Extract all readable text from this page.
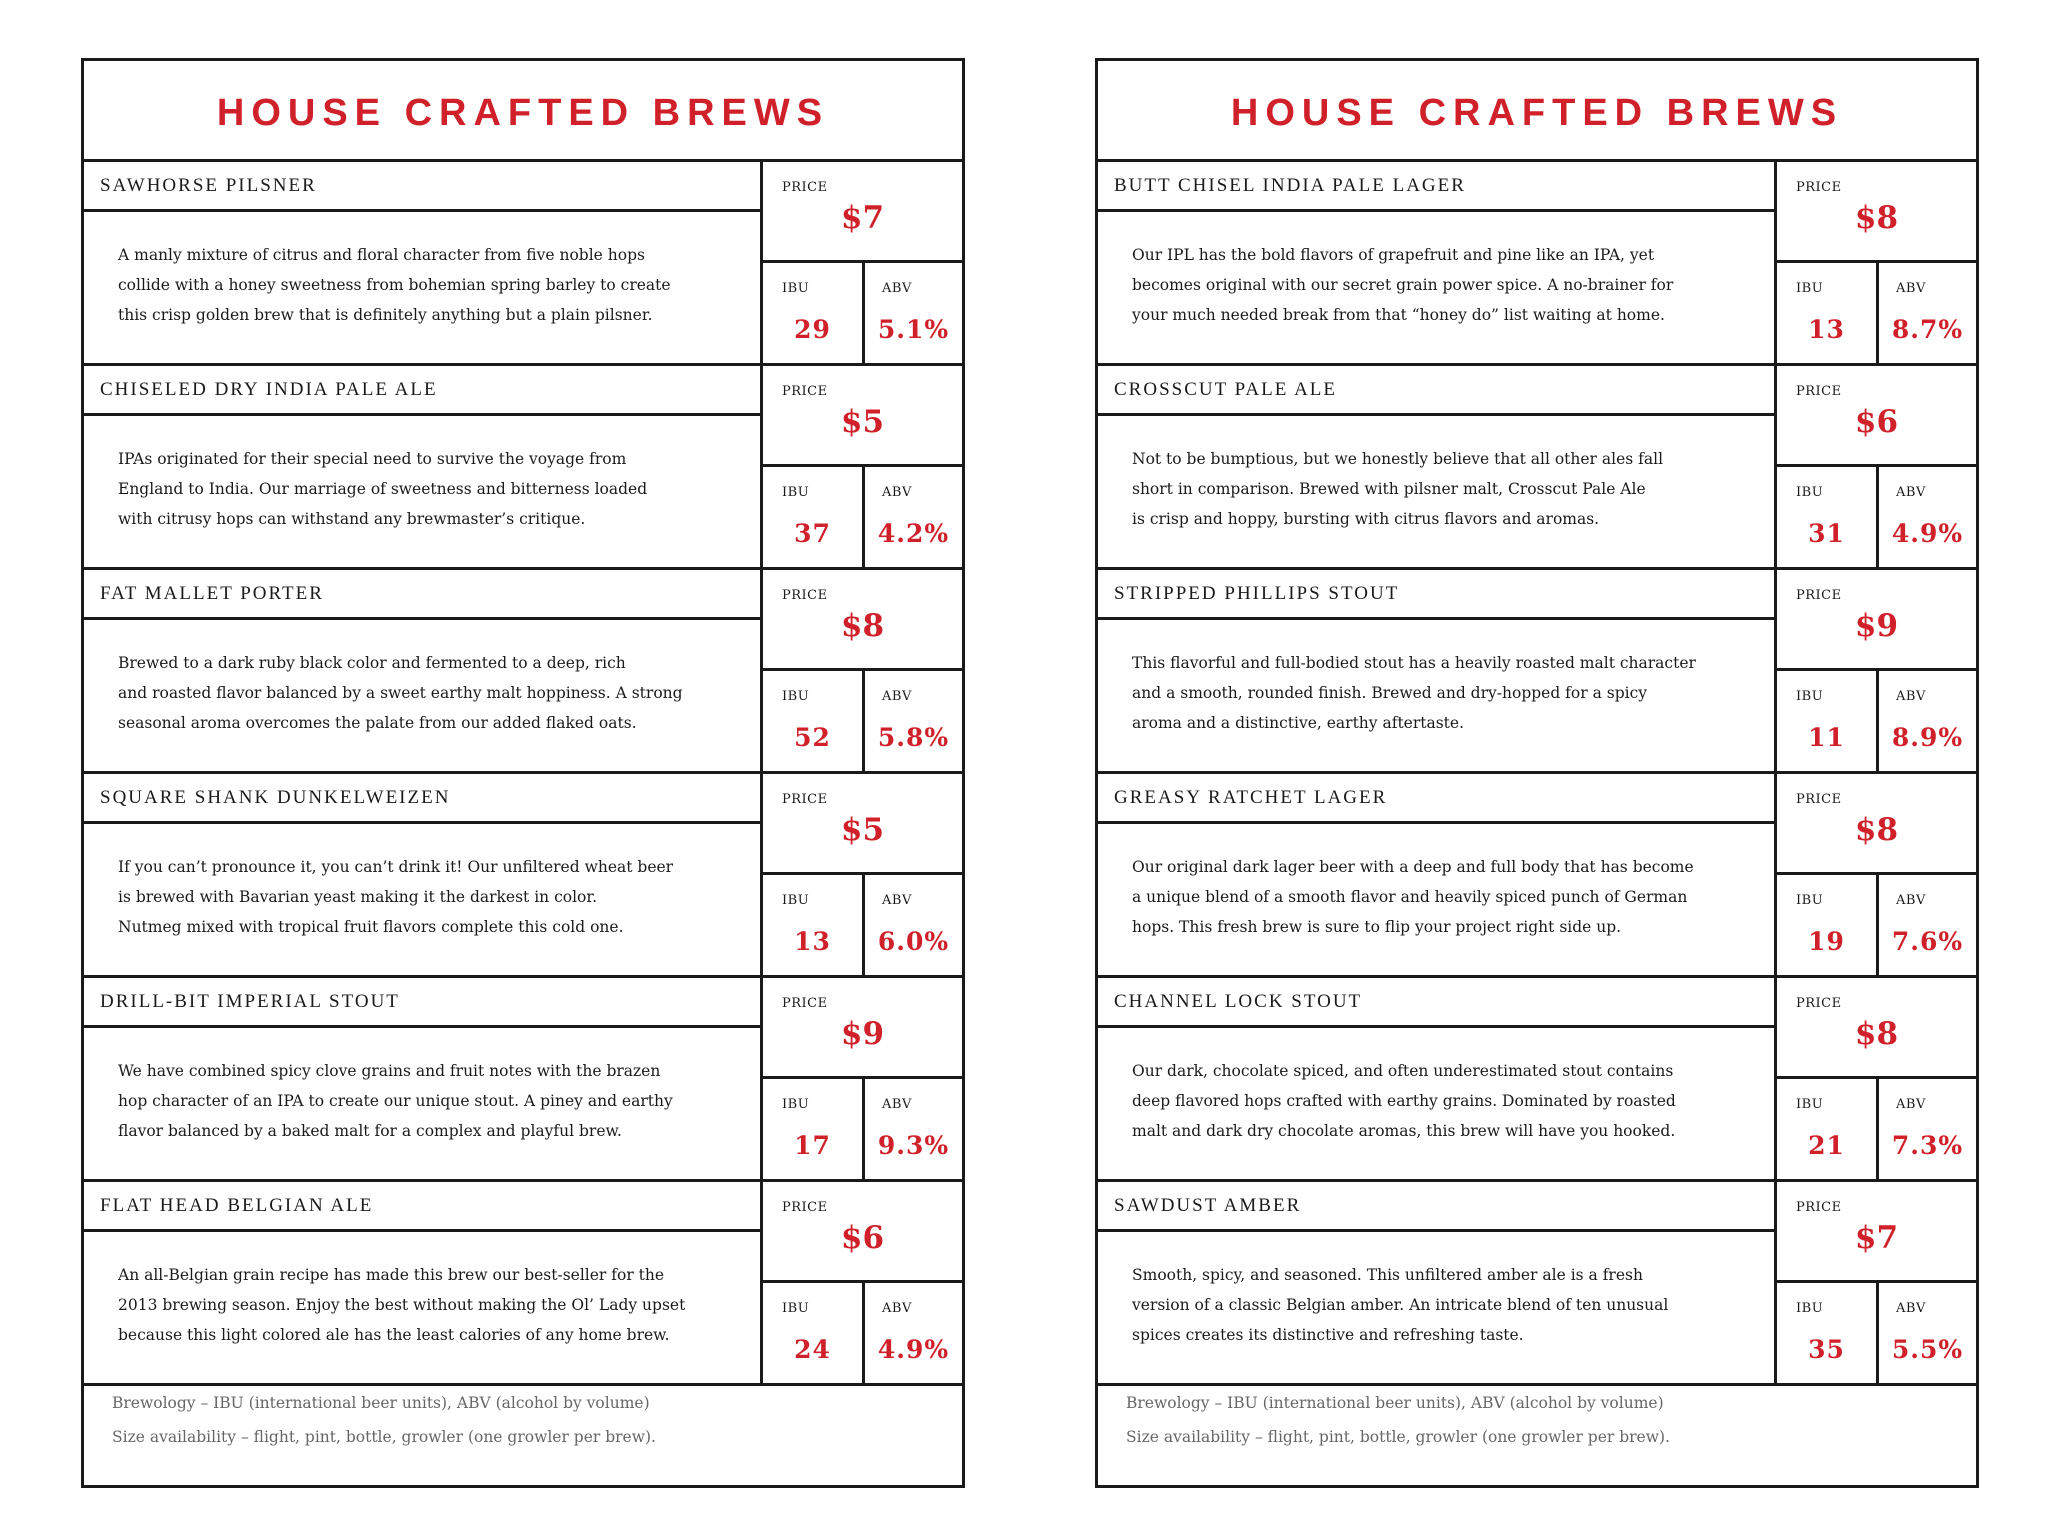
HOUSE CRAFTED BREWS
SAWHORSE PILSNER
A manly mixture of citrus and floral character from five noble hops
collide with a honey sweetness from bohemian spring barley to create
this crisp golden brew that is definitely anything but a plain pilsner.
PRICE
$7
IBU
29
ABV
5.1%
CHISELED DRY INDIA PALE ALE
IPAs originated for their special need to survive the voyage from
England to India. Our marriage of sweetness and bitterness loaded
with citrusy hops can withstand any brewmaster’s critique.
PRICE
$5
IBU
37
ABV
4.2%
FAT MALLET PORTER
Brewed to a dark ruby black color and fermented to a deep, rich
and roasted flavor balanced by a sweet earthy malt hoppiness. A strong
seasonal aroma overcomes the palate from our added flaked oats.
PRICE
$8
IBU
52
ABV
5.8%
SQUARE SHANK DUNKELWEIZEN
If you can’t pronounce it, you can’t drink it! Our unfiltered wheat beer
is brewed with Bavarian yeast making it the darkest in color.
Nutmeg mixed with tropical fruit flavors complete this cold one.
PRICE
$5
IBU
13
ABV
6.0%
DRILL-BIT IMPERIAL STOUT
We have combined spicy clove grains and fruit notes with the brazen
hop character of an IPA to create our unique stout. A piney and earthy
flavor balanced by a baked malt for a complex and playful brew.
PRICE
$9
IBU
17
ABV
9.3%
FLAT HEAD BELGIAN ALE
An all-Belgian grain recipe has made this brew our best-seller for the
2013 brewing season. Enjoy the best without making the Ol’ Lady upset
because this light colored ale has the least calories of any home brew.
PRICE
$6
IBU
24
ABV
4.9%
Brewology – IBU (international beer units), ABV (alcohol by volume)
Size availability – flight, pint, bottle, growler (one growler per brew).
HOUSE CRAFTED BREWS
BUTT CHISEL INDIA PALE LAGER
Our IPL has the bold flavors of grapefruit and pine like an IPA, yet
becomes original with our secret grain power spice. A no-brainer for
your much needed break from that “honey do” list waiting at home.
PRICE
$8
IBU
13
ABV
8.7%
CROSSCUT PALE ALE
Not to be bumptious, but we honestly believe that all other ales fall
short in comparison. Brewed with pilsner malt, Crosscut Pale Ale
is crisp and hoppy, bursting with citrus flavors and aromas.
PRICE
$6
IBU
31
ABV
4.9%
STRIPPED PHILLIPS STOUT
This flavorful and full-bodied stout has a heavily roasted malt character
and a smooth, rounded finish. Brewed and dry-hopped for a spicy
aroma and a distinctive, earthy aftertaste.
PRICE
$9
IBU
11
ABV
8.9%
GREASY RATCHET LAGER
Our original dark lager beer with a deep and full body that has become
a unique blend of a smooth flavor and heavily spiced punch of German
hops. This fresh brew is sure to flip your project right side up.
PRICE
$8
IBU
19
ABV
7.6%
CHANNEL LOCK STOUT
Our dark, chocolate spiced, and often underestimated stout contains
deep flavored hops crafted with earthy grains. Dominated by roasted
malt and dark dry chocolate aromas, this brew will have you hooked.
PRICE
$8
IBU
21
ABV
7.3%
SAWDUST AMBER
Smooth, spicy, and seasoned. This unfiltered amber ale is a fresh
version of a classic Belgian amber. An intricate blend of ten unusual
spices creates its distinctive and refreshing taste.
PRICE
$7
IBU
35
ABV
5.5%
Brewology – IBU (international beer units), ABV (alcohol by volume)
Size availability – flight, pint, bottle, growler (one growler per brew).
